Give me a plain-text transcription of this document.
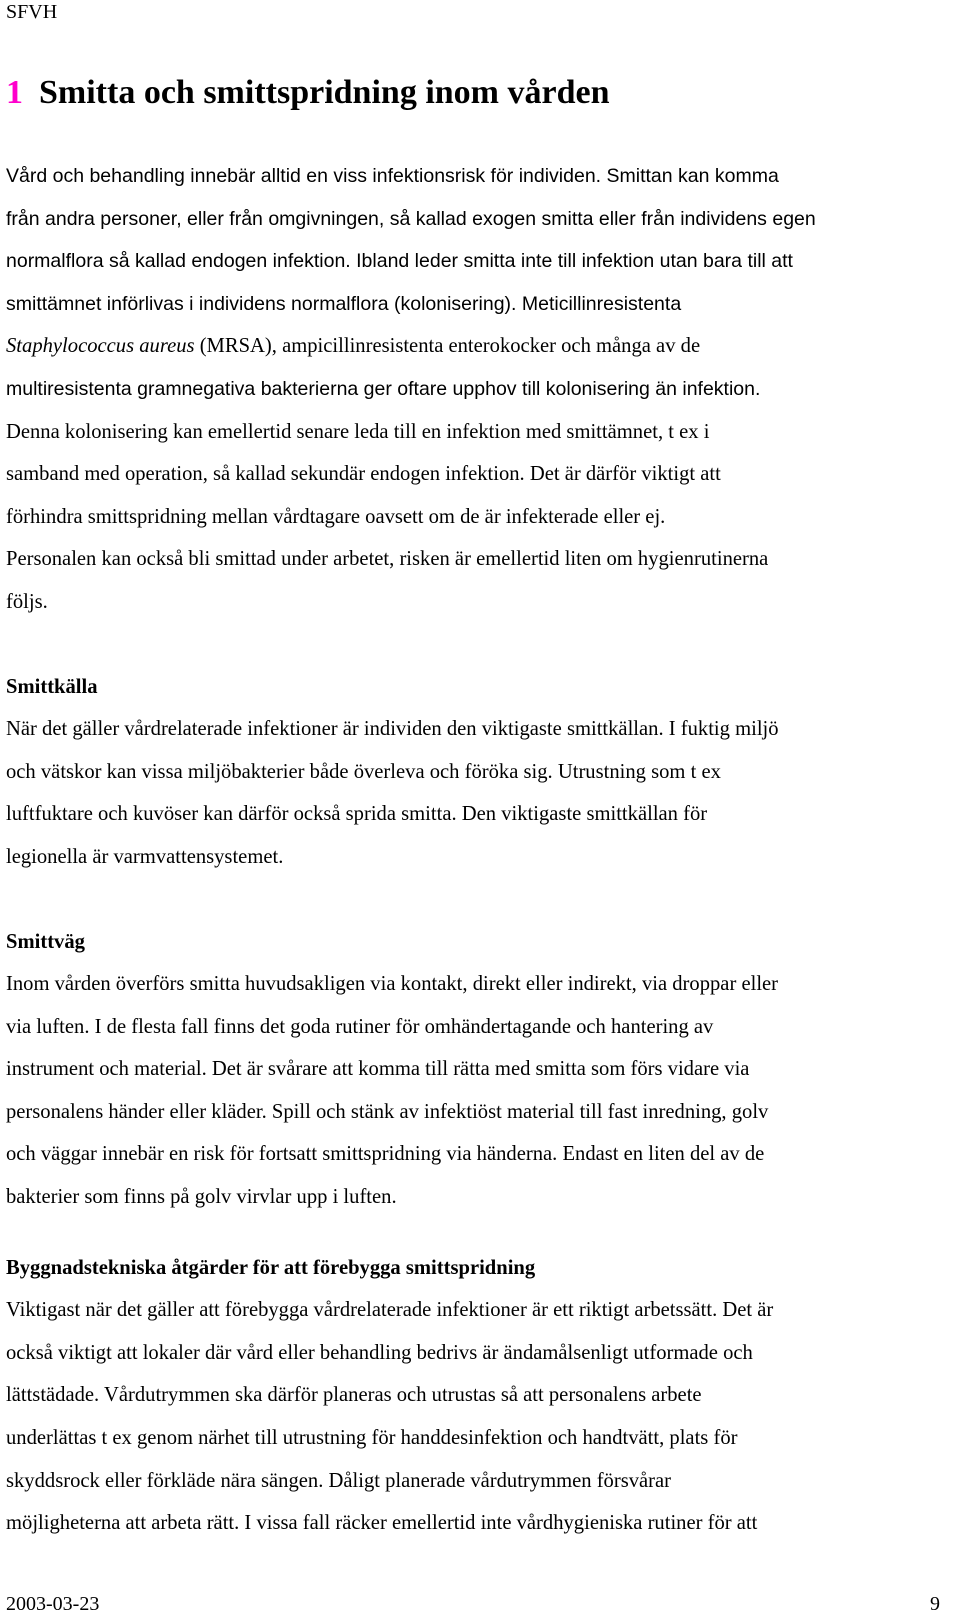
SFVH
1 Smitta och smittspridning inom vården

Vård och behandling innebär alltid en viss infektionsrisk för individen. Smittan kan komma

från andra personer, eller från omgivningen, så kallad exogen smitta eller från individens egen

normalflora så kallad endogen infektion. Ibland leder smitta inte till infektion utan bara till att

smittämnet införlivas i individens normalflora (kolonisering). Meticillinresistenta

Staphylococcus aureus (MRSA), ampicillinresistenta enterokocker och många av de

multiresistenta gramnegativa bakterierna ger oftare upphov till kolonisering än infektion.

Denna kolonisering kan emellertid senare leda till en infektion med smittämnet, t ex i

samband med operation, så kallad sekundär endogen infektion. Det är därför viktigt att

förhindra smittspridning mellan vårdtagare oavsett om de är infekterade eller ej.

Personalen kan också bli smittad under arbetet, risken är emellertid liten om hygienrutinerna

följs.

Smittkälla

När det gäller vårdrelaterade infektioner är individen den viktigaste smittkällan. I fuktig miljö

och vätskor kan vissa miljöbakterier både överleva och föröka sig. Utrustning som t ex

luftfuktare och kuvöser kan därför också sprida smitta. Den viktigaste smittkällan för

legionella är varmvattensystemet.

Smittväg

Inom vården överförs smitta huvudsakligen via kontakt, direkt eller indirekt, via droppar eller

via luften. I de flesta fall finns det goda rutiner för omhändertagande och hantering av

instrument och material. Det är svårare att komma till rätta med smitta som förs vidare via

personalens händer eller kläder. Spill och stänk av infektiöst material till fast inredning, golv

och väggar innebär en risk för fortsatt smittspridning via händerna. Endast en liten del av de

bakterier som finns på golv virvlar upp i luften.

Byggnadstekniska åtgärder för att förebygga smittspridning

Viktigast när det gäller att förebygga vårdrelaterade infektioner är ett riktigt arbetssätt. Det är

också viktigt att lokaler där vård eller behandling bedrivs är ändamålsenligt utformade och

lättstädade. Vårdutrymmen ska därför planeras och utrustas så att personalens arbete

underlättas t ex genom närhet till utrustning för handdesinfektion och handtvätt, plats för

skyddsrock eller förkläde nära sängen. Dåligt planerade vårdutrymmen försvårar

möjligheterna att arbeta rätt. I vissa fall räcker emellertid inte vårdhygieniska rutiner för att

2003-03-23	9
